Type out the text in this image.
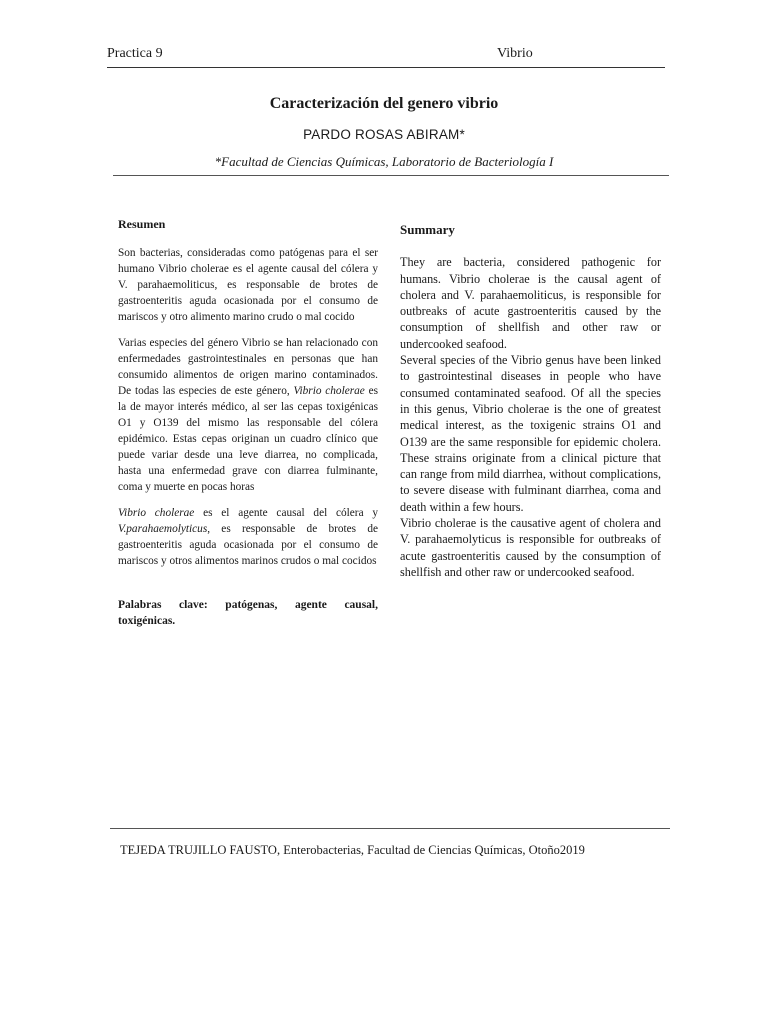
Practica 9	Vibrio
Caracterización del genero vibrio
PARDO ROSAS ABIRAM*
*Facultad de Ciencias Químicas, Laboratorio de Bacteriología I
Resumen

Son bacterias, consideradas como patógenas para el ser humano Vibrio cholerae es el agente causal del cólera y V. parahaemoliticus, es responsable de brotes de gastroenteritis aguda ocasionada por el consumo de mariscos y otro alimento marino crudo o mal cocido

Varias especies del género Vibrio se han relacionado con enfermedades gastrointestinales en personas que han consumido alimentos de origen marino contaminados. De todas las especies de este género, Vibrio cholerae es la de mayor interés médico, al ser las cepas toxigénicas O1 y O139 del mismo las responsable del cólera epidémico. Estas cepas originan un cuadro clínico que puede variar desde una leve diarrea, no complicada, hasta una enfermedad grave con diarrea fulminante, coma y muerte en pocas horas

Vibrio cholerae es el agente causal del cólera y V.parahaemolyticus, es responsable de brotes de gastroenteritis aguda ocasionada por el consumo de mariscos y otros alimentos marinos crudos o mal cocidos

Palabras clave: patógenas, agente causal, toxigénicas.

Summary

They are bacteria, considered pathogenic for humans. Vibrio cholerae is the causal agent of cholera and V. parahaemoliticus, is responsible for outbreaks of acute gastroenteritis caused by the consumption of shellfish and other raw or undercooked seafood.

Several species of the Vibrio genus have been linked to gastrointestinal diseases in people who have consumed contaminated seafood. Of all the species in this genus, Vibrio cholerae is the one of greatest medical interest, as the toxigenic strains O1 and O139 are the same responsible for epidemic cholera. These strains originate from a clinical picture that can range from mild diarrhea, without complications, to severe disease with fulminant diarrhea, coma and death within a few hours.

Vibrio cholerae is the causative agent of cholera and V. parahaemolyticus is responsible for outbreaks of acute gastroenteritis caused by the consumption of shellfish and other raw or undercooked seafood.

TEJEDA TRUJILLO FAUSTO, Enterobacterias, Facultad de Ciencias Químicas, Otoño2019
